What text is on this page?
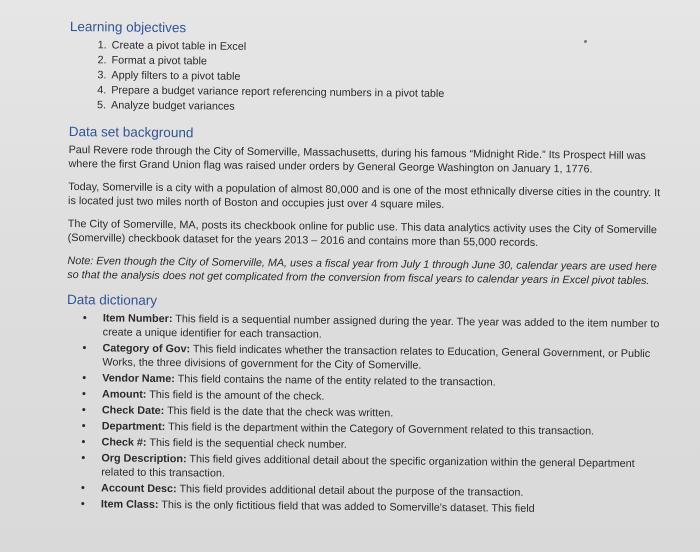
Learning objectives
1. Create a pivot table in Excel
2. Format a pivot table
3. Apply filters to a pivot table
4. Prepare a budget variance report referencing numbers in a pivot table
5. Analyze budget variances
Data set background

Paul Revere rode through the City of Somerville, Massachusetts, during his famous “Midnight Ride.” Its Prospect Hill was where the first Grand Union flag was raised under orders by General George Washington on January 1, 1776.

Today, Somerville is a city with a population of almost 80,000 and is one of the most ethnically diverse cities in the country. It is located just two miles north of Boston and occupies just over 4 square miles.

The City of Somerville, MA, posts its checkbook online for public use. This data analytics activity uses the City of Somerville (Somerville) checkbook dataset for the years 2013 – 2016 and contains more than 55,000 records.

Note: Even though the City of Somerville, MA, uses a fiscal year from July 1 through June 30, calendar years are used here so that the analysis does not get complicated from the conversion from fiscal years to calendar years in Excel pivot tables.

Data dictionary
• Item Number: This field is a sequential number assigned during the year. The year was added to the item number to create a unique identifier for each transaction.
• Category of Gov: This field indicates whether the transaction relates to Education, General Government, or Public Works, the three divisions of government for the City of Somerville.
• Vendor Name: This field contains the name of the entity related to the transaction.
• Amount: This field is the amount of the check.
• Check Date: This field is the date that the check was written.
• Department: This field is the department within the Category of Government related to this transaction.
• Check #: This field is the sequential check number.
• Org Description: This field gives additional detail about the specific organization within the general Department related to this transaction.
• Account Desc: This field provides additional detail about the purpose of the transaction.
• Item Class: This is the only fictitious field that was added to Somerville's dataset. This field
